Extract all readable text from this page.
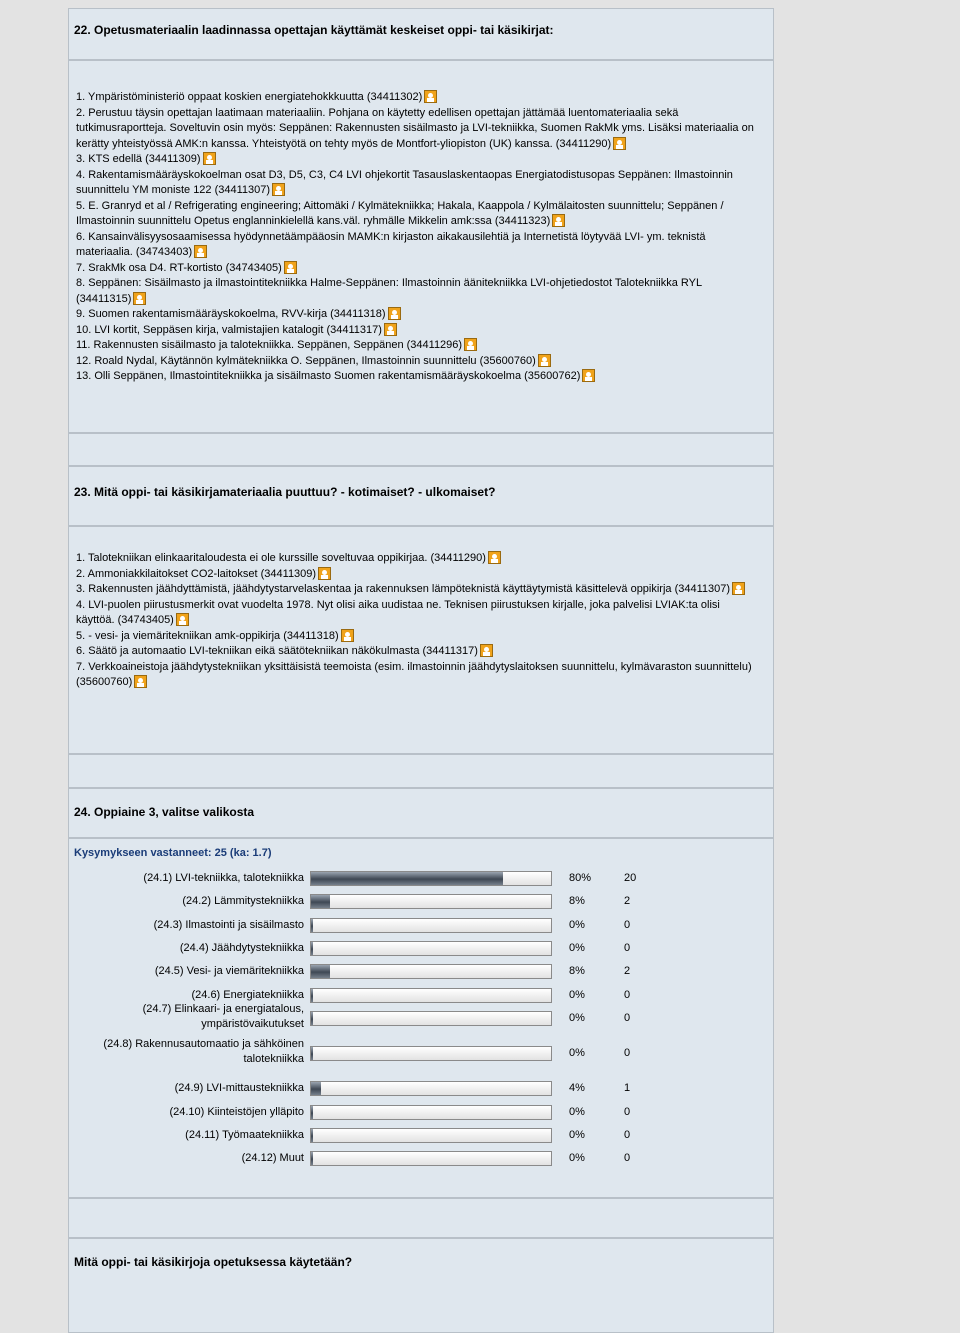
22. Opetusmateriaalin laadinnassa opettajan käyttämät keskeiset oppi- tai käsikirjat:

1. Ympäristöministeriö oppaat koskien energiatehokkkuutta (34411302)

2. Perustuu täysin opettajan laatimaan materiaaliin. Pohjana on käytetty edellisen opettajan jättämää luentomateriaalia sekä tutkimusraportteja. Soveltuvin osin myös: Seppänen: Rakennusten sisäilmasto ja LVI-tekniikka, Suomen RakMk yms. Lisäksi materiaalia on kerätty yhteistyössä AMK:n kanssa. Yhteistyötä on tehty myös de Montfort-yliopiston (UK) kanssa. (34411290)

3. KTS edellä (34411309)

4. Rakentamismääräyskokoelman osat D3, D5, C3, C4 LVI ohjekortit Tasauslaskentaopas Energiatodistusopas Seppänen: Ilmastoinnin suunnittelu YM moniste 122 (34411307)

5. E. Granryd et al / Refrigerating engineering; Aittomäki / Kylmätekniikka; Hakala, Kaappola / Kylmälaitosten suunnittelu; Seppänen / Ilmastoinnin suunnittelu Opetus englanninkielellä kans.väl. ryhmälle Mikkelin amk:ssa (34411323)

6. Kansainvälisyysosaamisessa hyödynnetäämpääosin MAMK:n kirjaston aikakausilehtiä ja Internetistä löytyvää LVI- ym. teknistä materiaalia. (34743403)

7. SrakMk osa D4. RT-kortisto (34743405)

8. Seppänen: Sisäilmasto ja ilmastointitekniikka Halme-Seppänen: Ilmastoinnin äänitekniikka LVI-ohjetiedostot Talotekniikka RYL (34411315)

9. Suomen rakentamismääräyskokoelma, RVV-kirja (34411318)

10. LVI kortit, Seppäsen kirja, valmistajien katalogit (34411317)

11. Rakennusten sisäilmasto ja talotekniikka. Seppänen, Seppänen (34411296)

12. Roald Nydal, Käytännön kylmätekniikka O. Seppänen, Ilmastoinnin suunnittelu (35600760)

13. Olli Seppänen, Ilmastointitekniikka ja sisäilmasto Suomen rakentamismääräyskokoelma (35600762)

23. Mitä oppi- tai käsikirjamateriaalia puuttuu? - kotimaiset? - ulkomaiset?

1. Talotekniikan elinkaaritaloudesta ei ole kurssille soveltuvaa oppikirjaa. (34411290)

2. Ammoniakkilaitokset CO2-laitokset (34411309)

3. Rakennusten jäähdyttämistä, jäähdytystarvelaskentaa ja rakennuksen lämpöteknistä käyttäytymistä käsittelevä oppikirja (34411307)

4. LVI-puolen piirustusmerkit ovat vuodelta 1978. Nyt olisi aika uudistaa ne. Teknisen piirustuksen kirjalle, joka palvelisi LVIAK:ta olisi käyttöä. (34743405)

5. - vesi- ja viemäritekniikan amk-oppikirja (34411318)

6. Säätö ja automaatio LVI-tekniikan eikä säätötekniikan näkökulmasta (34411317)

7. Verkkoaineistoja jäähdytystekniikan yksittäisistä teemoista (esim. ilmastoinnin jäähdytyslaitoksen suunnittelu, kylmävaraston suunnittelu) (35600760)

24. Oppiaine 3, valitse valikosta
Kysymykseen vastanneet: 25 (ka: 1.7)
(24.1) LVI-tekniikka, talotekniikka	80%	20
(24.2) Lämmitystekniikka	8%	2
(24.3) Ilmastointi ja sisäilmasto	0%	0
(24.4) Jäähdytystekniikka	0%	0
(24.5) Vesi- ja viemäritekniikka	8%	2
(24.6) Energiatekniikka	0%	0
(24.7) Elinkaari- ja energiatalous, ympäristövaikutukset	0%	0
(24.8) Rakennusautomaatio ja sähköinen talotekniikka	0%	0
(24.9) LVI-mittaustekniikka	4%	1
(24.10) Kiinteistöjen ylläpito	0%	0
(24.11) Työmaatekniikka	0%	0
(24.12) Muut	0%	0
Mitä oppi- tai käsikirjoja opetuksessa käytetään?
